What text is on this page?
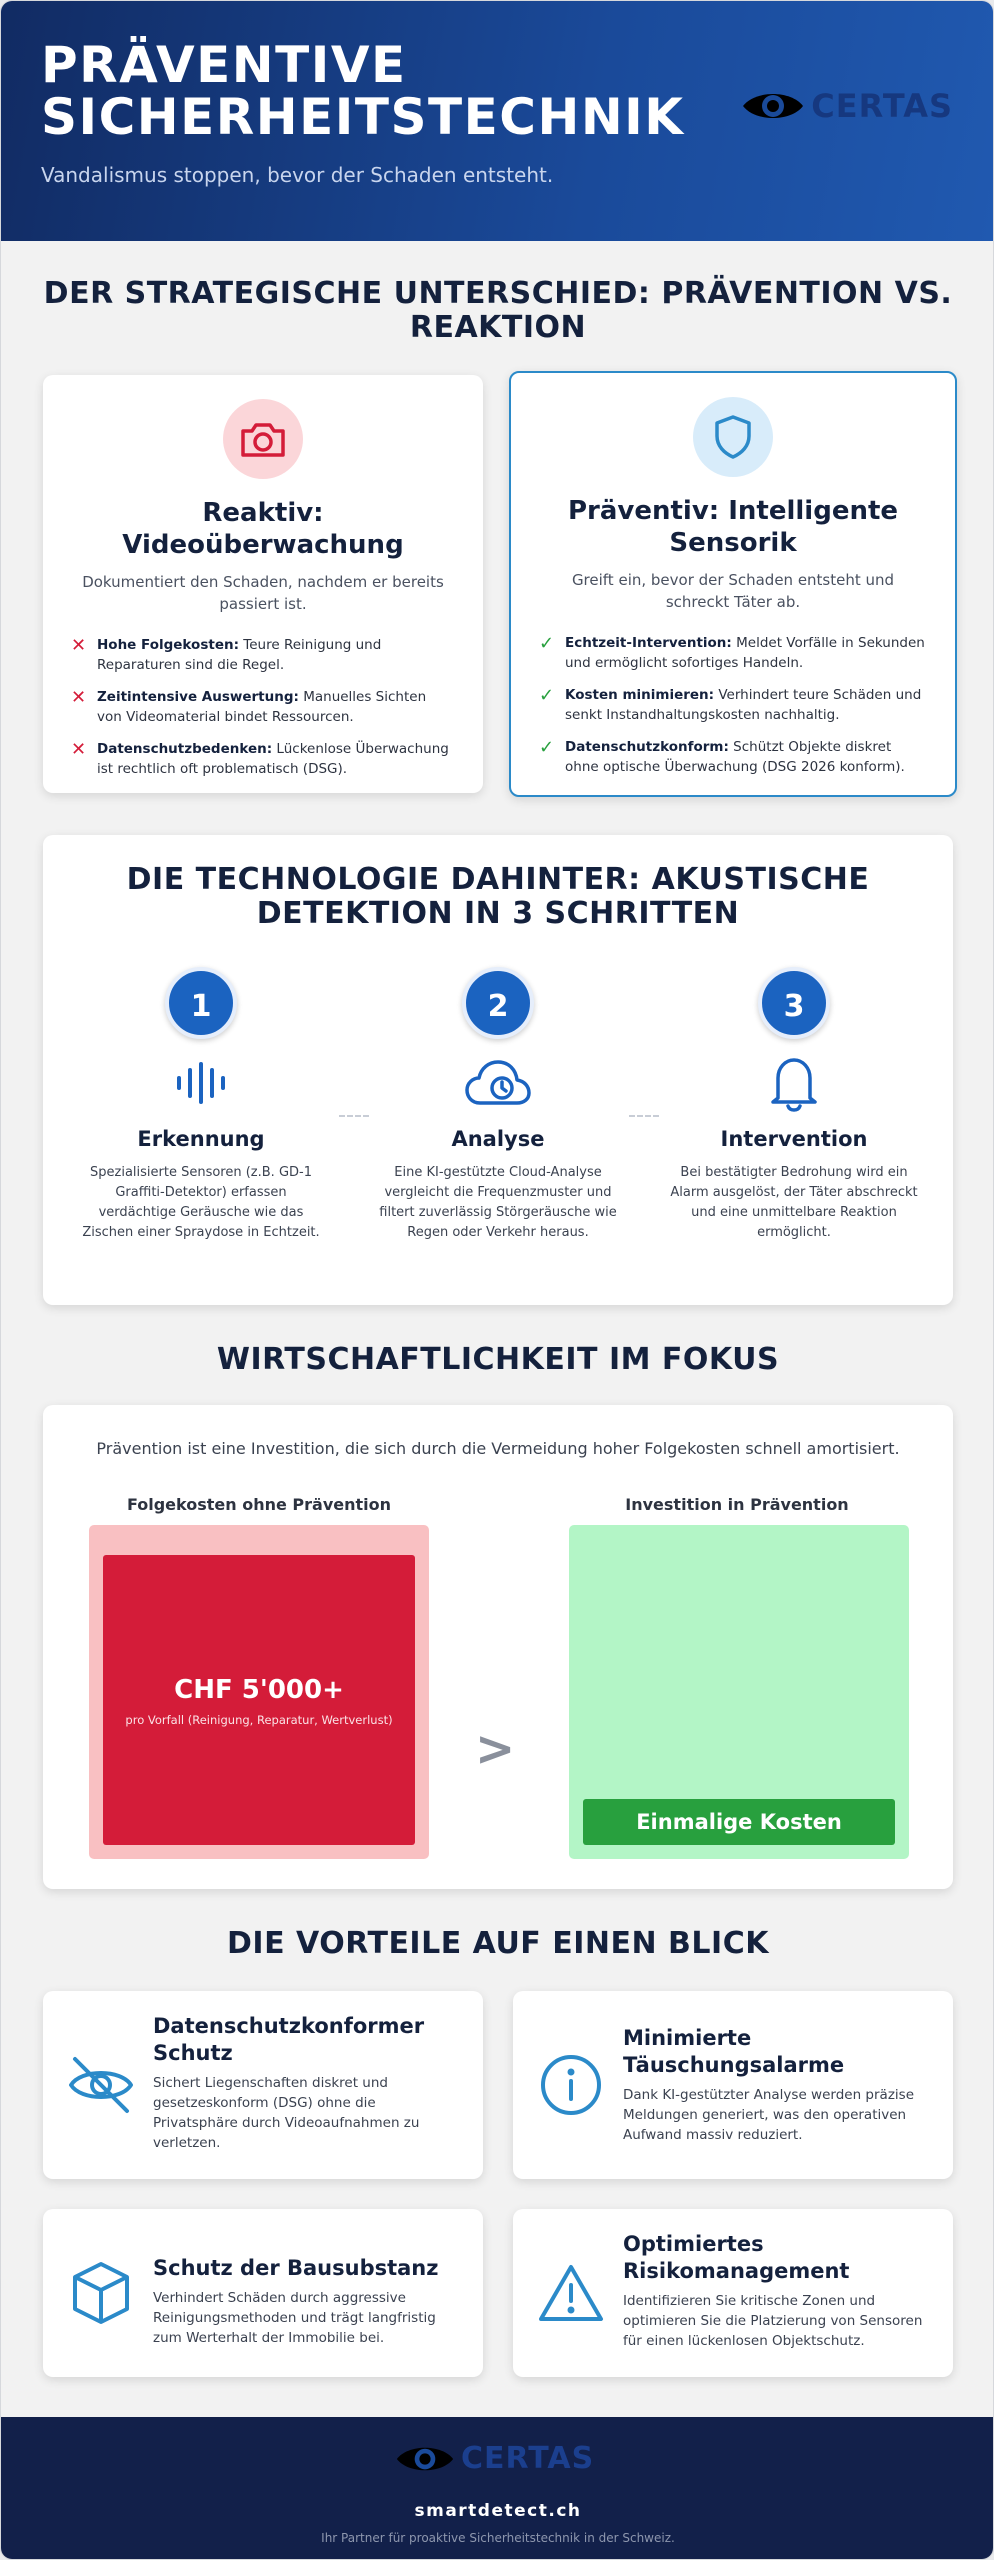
PRÄVENTIVE SICHERHEITSTECHNIK
Vandalismus stoppen, bevor der Schaden entsteht.
CERTAS
DER STRATEGISCHE UNTERSCHIED: PRÄVENTION VS. REAKTION
Reaktiv: Videoüberwachung
Dokumentiert den Schaden, nachdem er bereits passiert ist.
✕ Hohe Folgekosten: Teure Reinigung und Reparaturen sind die Regel.
✕ Zeitintensive Auswertung: Manuelles Sichten von Videomaterial bindet Ressourcen.
✕ Datenschutzbedenken: Lückenlose Überwachung ist rechtlich oft problematisch (DSG).
Präventiv: Intelligente Sensorik
Greift ein, bevor der Schaden entsteht und schreckt Täter ab.
✓ Echtzeit-Intervention: Meldet Vorfälle in Sekunden und ermöglicht sofortiges Handeln.
✓ Kosten minimieren: Verhindert teure Schäden und senkt Instandhaltungskosten nachhaltig.
✓ Datenschutzkonform: Schützt Objekte diskret ohne optische Überwachung (DSG 2026 konform).
DIE TECHNOLOGIE DAHINTER: AKUSTISCHE DETEKTION IN 3 SCHRITTEN
1
Erkennung

Spezialisierte Sensoren (z.B. GD-1 Graffiti-Detektor) erfassen verdächtige Geräusche wie das Zischen einer Spraydose in Echtzeit.

2
Analyse

Eine KI-gestützte Cloud-Analyse vergleicht die Frequenzmuster und filtert zuverlässig Störgeräusche wie Regen oder Verkehr heraus.

3
Intervention

Bei bestätigter Bedrohung wird ein Alarm ausgelöst, der Täter abschreckt und eine unmittelbare Reaktion ermöglicht.

WIRTSCHAFTLICHKEIT IM FOKUS
Prävention ist eine Investition, die sich durch die Vermeidung hoher Folgekosten schnell amortisiert.
Folgekosten ohne Prävention	Investition in Prävention
CHF 5'000+
pro Vorfall (Reinigung, Reparatur, Wertverlust)
>
Einmalige Kosten
DIE VORTEILE AUF EINEN BLICK
Datenschutzkonformer Schutz

Sichert Liegenschaften diskret und gesetzeskonform (DSG) ohne die Privatsphäre durch Videoaufnahmen zu verletzen.

Minimierte Täuschungsalarme

Dank KI-gestützter Analyse werden präzise Meldungen generiert, was den operativen Aufwand massiv reduziert.

Schutz der Bausubstanz

Verhindert Schäden durch aggressive Reinigungsmethoden und trägt langfristig zum Werterhalt der Immobilie bei.

Optimiertes Risikomanagement

Identifizieren Sie kritische Zonen und optimieren Sie die Platzierung von Sensoren für einen lückenlosen Objektschutz.

CERTAS
smartdetect.ch
Ihr Partner für proaktive Sicherheitstechnik in der Schweiz.
